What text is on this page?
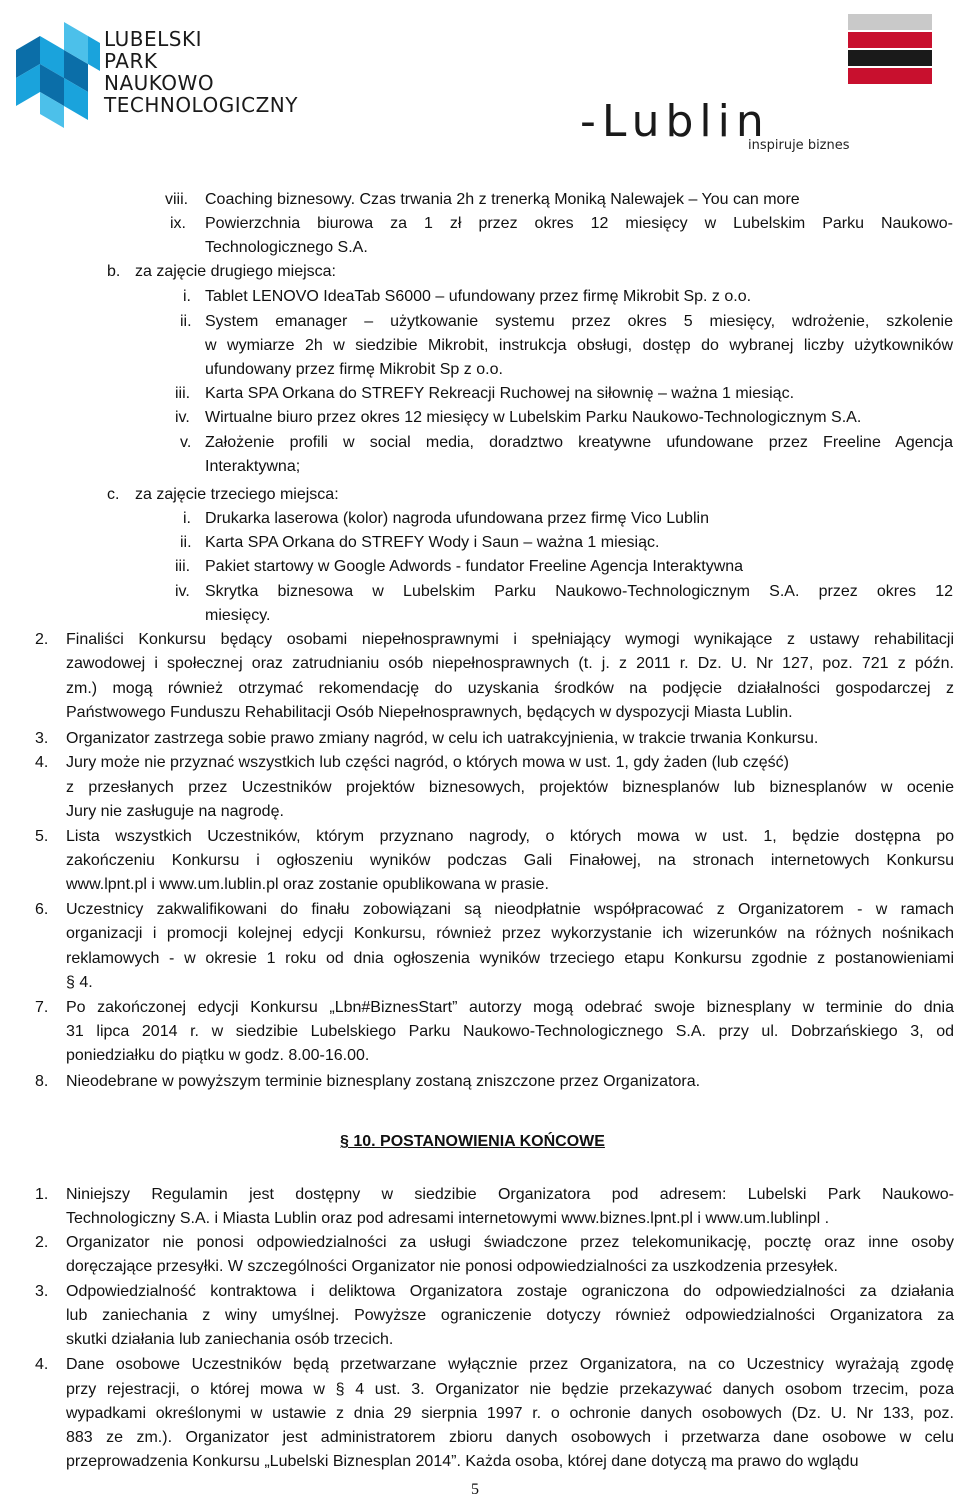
LUBELSKI
PARK
NAUKOWO
TECHNOLOGICZNY	-Lublin
inspiruje biznes
viii. Coaching biznesowy. Czas trwania 2h z trenerką Moniką Nalewajek – You can more
ix. Powierzchnia biurowa za 1 zł przez okres 12 miesięcy w Lubelskim Parku Naukowo-
Technologicznego S.A.
b. za zajęcie drugiego miejsca:
i. Tablet LENOVO IdeaTab S6000 – ufundowany przez firmę Mikrobit Sp. z o.o.
ii. System emanager – użytkowanie systemu przez okres 5 miesięcy, wdrożenie, szkolenie
w wymiarze 2h w siedzibie Mikrobit, instrukcja obsługi, dostęp do wybranej liczby użytkowników
ufundowany przez firmę Mikrobit Sp z o.o.
iii. Karta SPA Orkana do STREFY Rekreacji Ruchowej na siłownię – ważna 1 miesiąc.
iv. Wirtualne biuro przez okres 12 miesięcy w Lubelskim Parku Naukowo-Technologicznym S.A.
v. Założenie profili w social media, doradztwo kreatywne ufundowane przez Freeline Agencja
Interaktywna;
c. za zajęcie trzeciego miejsca:
i. Drukarka laserowa (kolor) nagroda ufundowana przez firmę Vico Lublin
ii. Karta SPA Orkana do STREFY Wody i Saun – ważna 1 miesiąc.
iii. Pakiet startowy w Google Adwords - fundator Freeline Agencja Interaktywna
iv. Skrytka biznesowa w Lubelskim Parku Naukowo-Technologicznym S.A. przez okres 12
miesięcy.
2. Finaliści Konkursu będący osobami niepełnosprawnymi i spełniający wymogi wynikające z ustawy rehabilitacji
zawodowej i społecznej oraz zatrudnianiu osób niepełnosprawnych (t. j. z 2011 r. Dz. U. Nr 127, poz. 721 z późn.
zm.) mogą również otrzymać rekomendację do uzyskania środków na podjęcie działalności gospodarczej z
Państwowego Funduszu Rehabilitacji Osób Niepełnosprawnych, będących w dyspozycji Miasta Lublin.
3. Organizator zastrzega sobie prawo zmiany nagród, w celu ich uatrakcyjnienia, w trakcie trwania Konkursu.
4. Jury może nie przyznać wszystkich lub części nagród, o których mowa w ust. 1, gdy żaden (lub część)
z przesłanych przez Uczestników projektów biznesowych, projektów biznesplanów lub biznesplanów w ocenie
Jury nie zasługuje na nagrodę.
5. Lista wszystkich Uczestników, którym przyznano nagrody, o których mowa w ust. 1, będzie dostępna po
zakończeniu Konkursu i ogłoszeniu wyników podczas Gali Finałowej, na stronach internetowych Konkursu
www.lpnt.pl i www.um.lublin.pl oraz zostanie opublikowana w prasie.
6. Uczestnicy zakwalifikowani do finału zobowiązani są nieodpłatnie współpracować z Organizatorem - w ramach
organizacji i promocji kolejnej edycji Konkursu, również przez wykorzystanie ich wizerunków na różnych nośnikach
reklamowych - w okresie 1 roku od dnia ogłoszenia wyników trzeciego etapu Konkursu zgodnie z postanowieniami
§ 4.
7. Po zakończonej edycji Konkursu „Lbn#BiznesStart” autorzy mogą odebrać swoje biznesplany w terminie do dnia
31 lipca 2014 r. w siedzibie Lubelskiego Parku Naukowo-Technologicznego S.A. przy ul. Dobrzańskiego 3, od
poniedziałku do piątku w godz. 8.00-16.00.
8. Nieodebrane w powyższym terminie biznesplany zostaną zniszczone przez Organizatora.
§ 10. POSTANOWIENIA KOŃCOWE
1. Niniejszy Regulamin jest dostępny w siedzibie Organizatora pod adresem: Lubelski Park Naukowo-
Technologiczny S.A. i Miasta Lublin oraz pod adresami internetowymi www.biznes.lpnt.pl i www.um.lublinpl .
2. Organizator nie ponosi odpowiedzialności za usługi świadczone przez telekomunikację, pocztę oraz inne osoby
doręczające przesyłki. W szczególności Organizator nie ponosi odpowiedzialności za uszkodzenia przesyłek.
3. Odpowiedzialność kontraktowa i deliktowa Organizatora zostaje ograniczona do odpowiedzialności za działania
lub zaniechania z winy umyślnej. Powyższe ograniczenie dotyczy również odpowiedzialności Organizatora za
skutki działania lub zaniechania osób trzecich.
4. Dane osobowe Uczestników będą przetwarzane wyłącznie przez Organizatora, na co Uczestnicy wyrażają zgodę
przy rejestracji, o której mowa w § 4 ust. 3. Organizator nie będzie przekazywać danych osobom trzecim, poza
wypadkami określonymi w ustawie z dnia 29 sierpnia 1997 r. o ochronie danych osobowych (Dz. U. Nr 133, poz.
883 ze zm.). Organizator jest administratorem zbioru danych osobowych i przetwarza dane osobowe w celu
przeprowadzenia Konkursu „Lubelski Biznesplan 2014”. Każda osoba, której dane dotyczą ma prawo do wglądu
5
